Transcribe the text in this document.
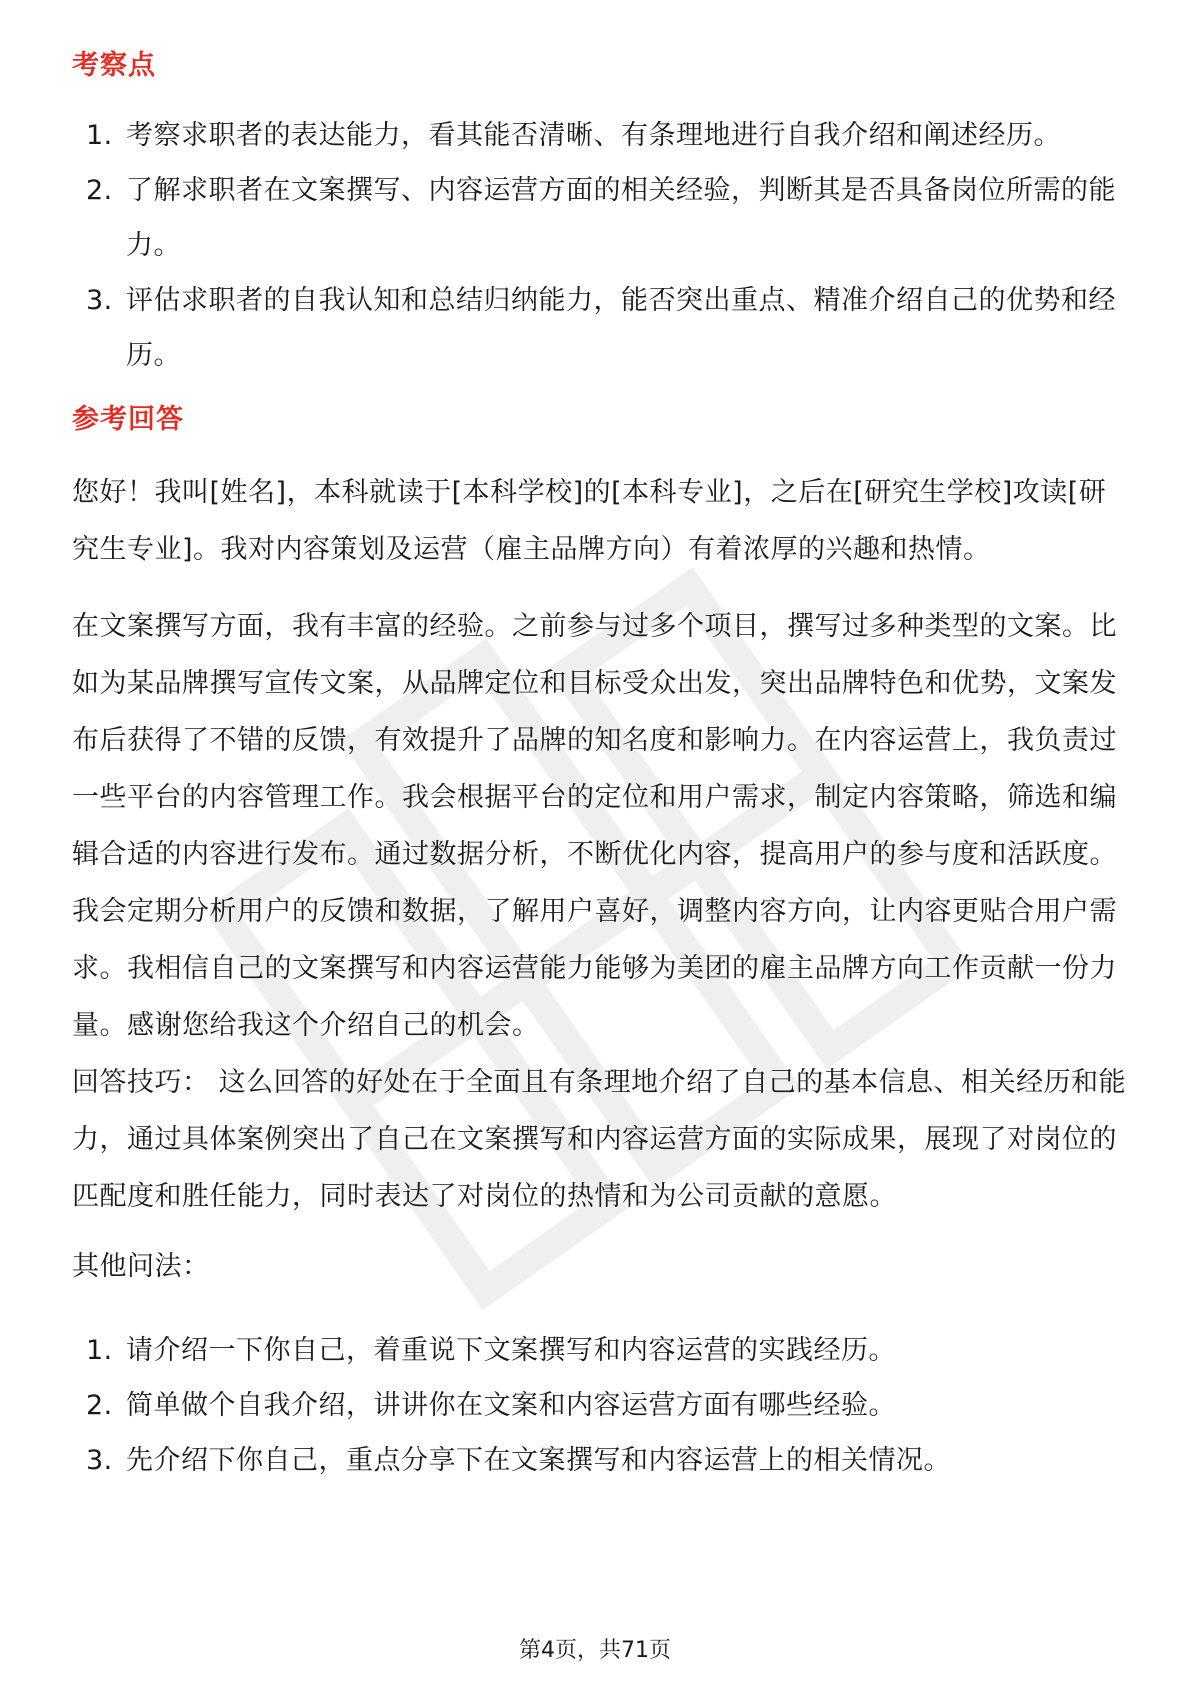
考察点
1. 考察求职者的表达能力，看其能否清晰、有条理地进行自我介绍和阐述经历。
2. 了解求职者在文案撰写、内容运营方面的相关经验，判断其是否具备岗位所需的能力。
3. 评估求职者的自我认知和总结归纳能力，能否突出重点、精准介绍自己的优势和经历。
参考回答

您好！我叫[姓名]，本科就读于[本科学校]的[本科专业]，之后在[研究生学校]攻读[研究生专业]。我对内容策划及运营（雇主品牌方向）有着浓厚的兴趣和热情。

在文案撰写方面，我有丰富的经验。之前参与过多个项目，撰写过多种类型的文案。比如为某品牌撰写宣传文案，从品牌定位和目标受众出发，突出品牌特色和优势，文案发布后获得了不错的反馈，有效提升了品牌的知名度和影响力。在内容运营上，我负责过一些平台的内容管理工作。我会根据平台的定位和用户需求，制定内容策略，筛选和编辑合适的内容进行发布。通过数据分析，不断优化内容，提高用户的参与度和活跃度。我会定期分析用户的反馈和数据，了解用户喜好，调整内容方向，让内容更贴合用户需求。我相信自己的文案撰写和内容运营能力能够为美团的雇主品牌方向工作贡献一份力量。感谢您给我这个介绍自己的机会。

回答技巧： 这么回答的好处在于全面且有条理地介绍了自己的基本信息、相关经历和能力，通过具体案例突出了自己在文案撰写和内容运营方面的实际成果，展现了对岗位的匹配度和胜任能力，同时表达了对岗位的热情和为公司贡献的意愿。

其他问法：

1. 请介绍一下你自己，着重说下文案撰写和内容运营的实践经历。
2. 简单做个自我介绍，讲讲你在文案和内容运营方面有哪些经验。
3. 先介绍下你自己，重点分享下在文案撰写和内容运营上的相关情况。
第4页，共71页
